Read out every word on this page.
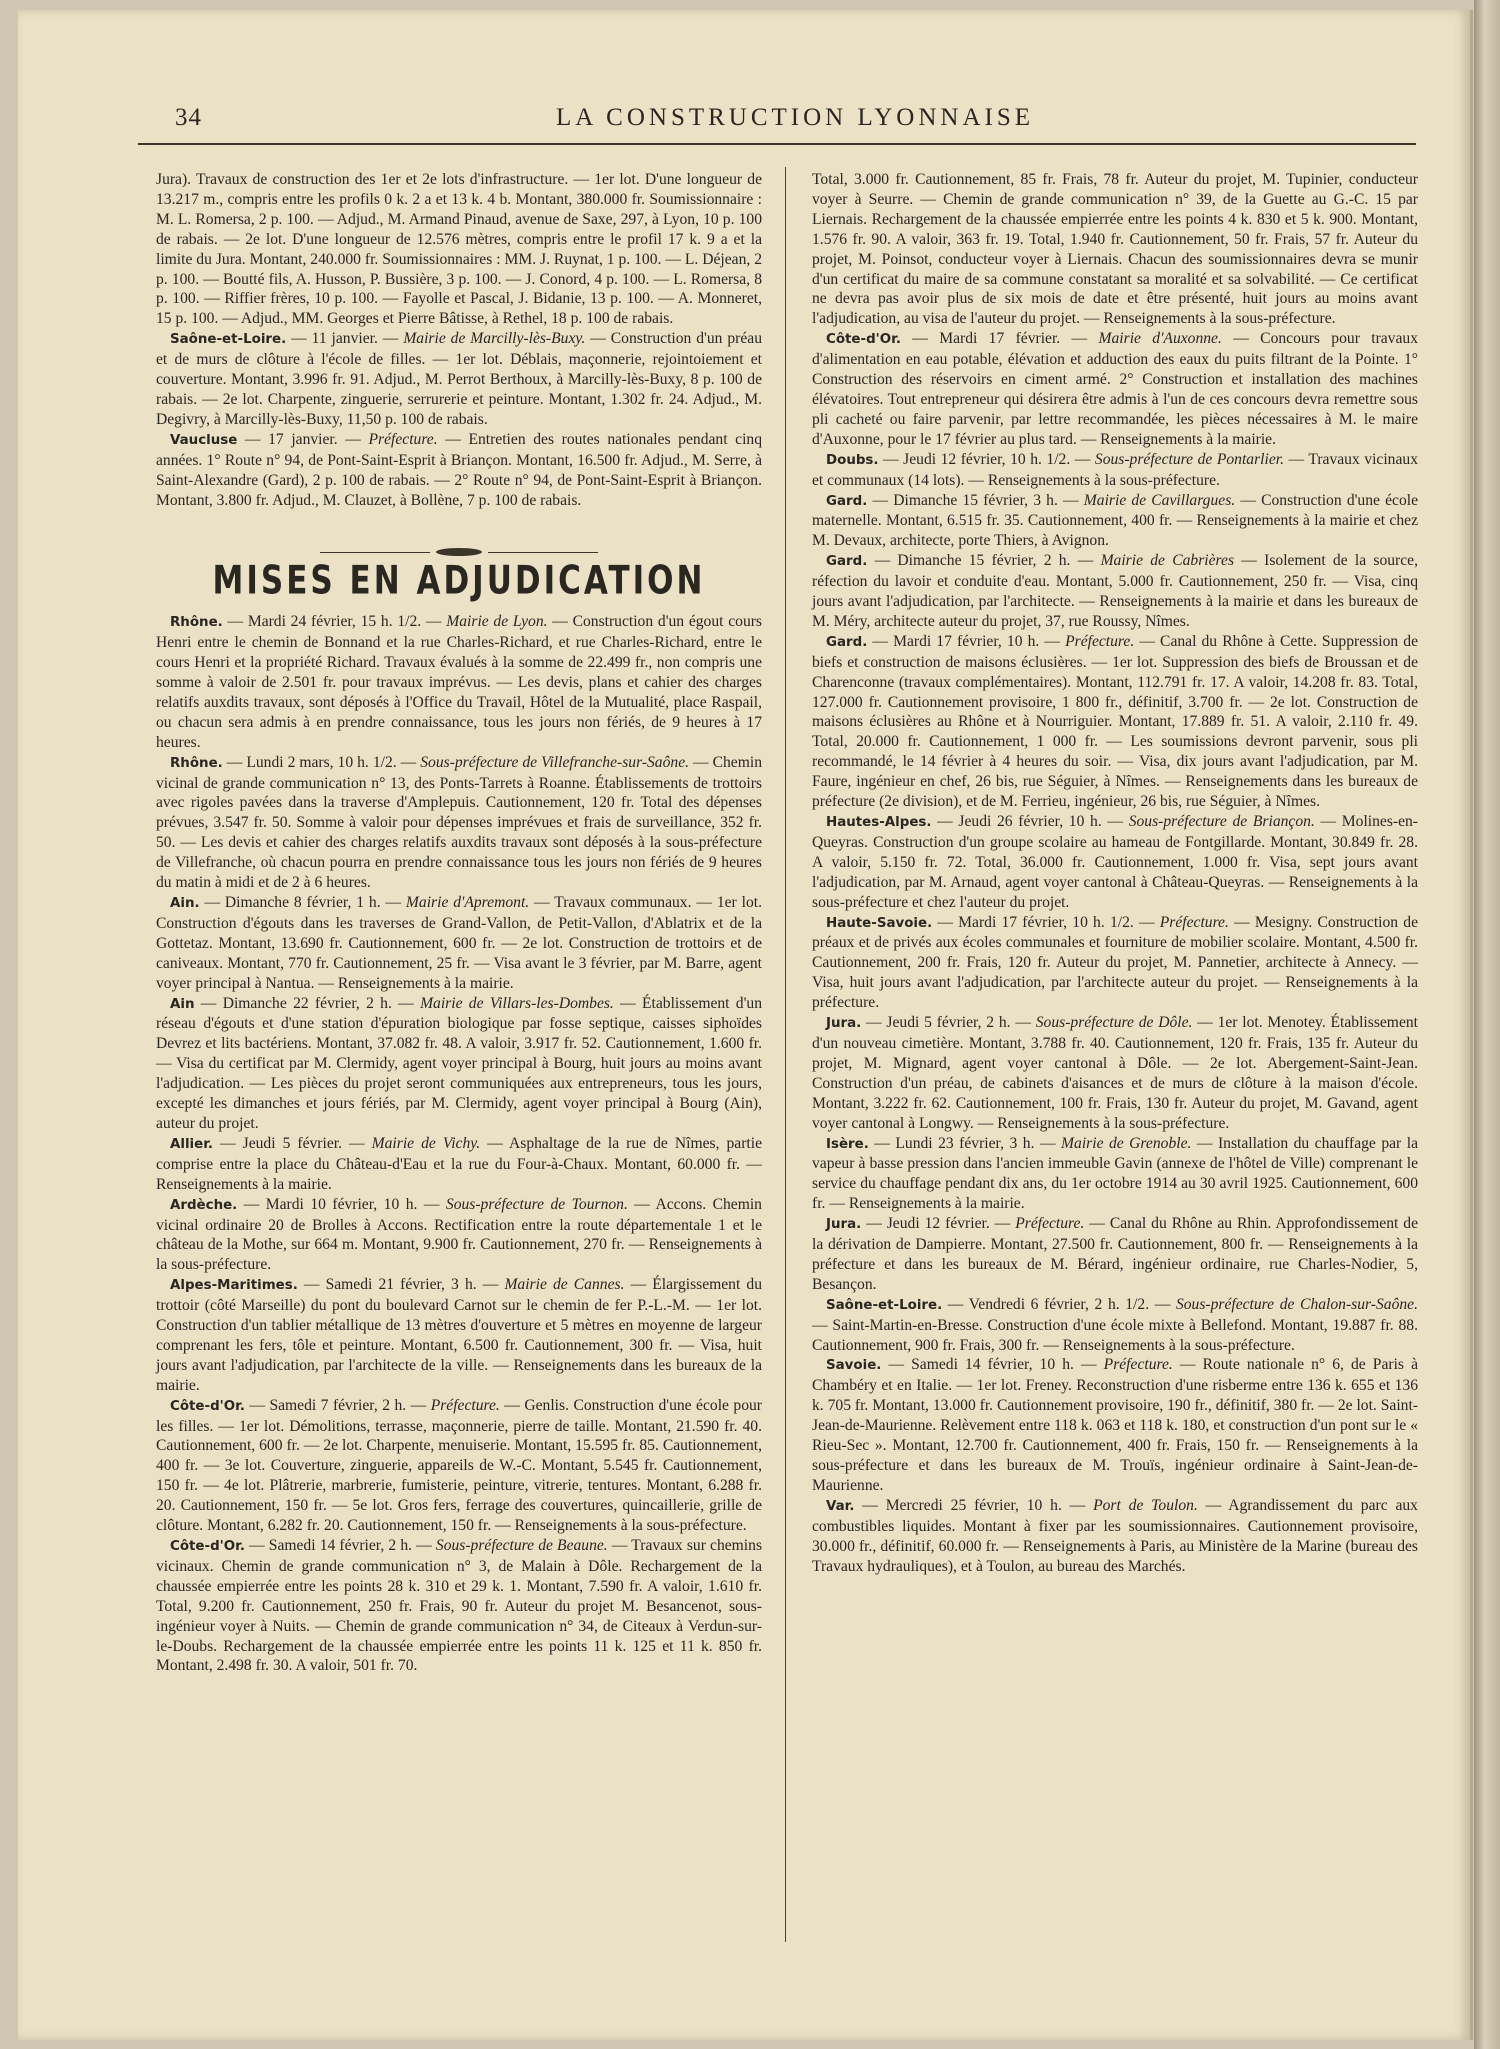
34	LA CONSTRUCTION LYONNAISE

Jura). Travaux de construction des 1er et 2e lots d'infrastructure. — 1er lot. D'une longueur de 13.217 m., compris entre les profils 0 k. 2 a et 13 k. 4 b. Montant, 380.000 fr. Soumissionnaire : M. L. Romersa, 2 p. 100. — Adjud., M. Armand Pinaud, avenue de Saxe, 297, à Lyon, 10 p. 100 de rabais. — 2e lot. D'une longueur de 12.576 mètres, compris entre le profil 17 k. 9 a et la limite du Jura. Montant, 240.000 fr. Soumissionnaires : MM. J. Ruynat, 1 p. 100. — L. Déjean, 2 p. 100. — Boutté fils, A. Husson, P. Bussière, 3 p. 100. — J. Conord, 4 p. 100. — L. Romersa, 8 p. 100. — Riffier frères, 10 p. 100. — Fayolle et Pascal, J. Bidanie, 13 p. 100. — A. Monneret, 15 p. 100. — Adjud., MM. Georges et Pierre Bâtisse, à Rethel, 18 p. 100 de rabais.

Saône-et-Loire. — 11 janvier. — Mairie de Marcilly-lès-Buxy. — Construction d'un préau et de murs de clôture à l'école de filles. — 1er lot. Déblais, maçonnerie, rejointoiement et couverture. Montant, 3.996 fr. 91. Adjud., M. Perrot Berthoux, à Marcilly-lès-Buxy, 8 p. 100 de rabais. — 2e lot. Charpente, zinguerie, serrurerie et peinture. Montant, 1.302 fr. 24. Adjud., M. Degivry, à Marcilly-lès-Buxy, 11,50 p. 100 de rabais.

Vaucluse — 17 janvier. — Préfecture. — Entretien des routes nationales pendant cinq années. 1° Route n° 94, de Pont-Saint-Esprit à Briançon. Montant, 16.500 fr. Adjud., M. Serre, à Saint-Alexandre (Gard), 2 p. 100 de rabais. — 2° Route n° 94, de Pont-Saint-Esprit à Briançon. Montant, 3.800 fr. Adjud., M. Clauzet, à Bollène, 7 p. 100 de rabais.

MISES EN ADJUDICATION

Rhône. — Mardi 24 février, 15 h. 1/2. — Mairie de Lyon. — Construction d'un égout cours Henri entre le chemin de Bonnand et la rue Charles-Richard, et rue Charles-Richard, entre le cours Henri et la propriété Richard. Travaux évalués à la somme de 22.499 fr., non compris une somme à valoir de 2.501 fr. pour travaux imprévus. — Les devis, plans et cahier des charges relatifs auxdits travaux, sont déposés à l'Office du Travail, Hôtel de la Mutualité, place Raspail, ou chacun sera admis à en prendre connaissance, tous les jours non fériés, de 9 heures à 17 heures.

Rhône. — Lundi 2 mars, 10 h. 1/2. — Sous-préfecture de Villefranche-sur-Saône. — Chemin vicinal de grande communication n° 13, des Ponts-Tarrets à Roanne. Établissements de trottoirs avec rigoles pavées dans la traverse d'Amplepuis. Cautionnement, 120 fr. Total des dépenses prévues, 3.547 fr. 50. Somme à valoir pour dépenses imprévues et frais de surveillance, 352 fr. 50. — Les devis et cahier des charges relatifs auxdits travaux sont déposés à la sous-préfecture de Villefranche, où chacun pourra en prendre connaissance tous les jours non fériés de 9 heures du matin à midi et de 2 à 6 heures.

Ain. — Dimanche 8 février, 1 h. — Mairie d'Apremont. — Travaux communaux. — 1er lot. Construction d'égouts dans les traverses de Grand-Vallon, de Petit-Vallon, d'Ablatrix et de la Gottetaz. Montant, 13.690 fr. Cautionnement, 600 fr. — 2e lot. Construction de trottoirs et de caniveaux. Montant, 770 fr. Cautionnement, 25 fr. — Visa avant le 3 février, par M. Barre, agent voyer principal à Nantua. — Renseignements à la mairie.

Ain — Dimanche 22 février, 2 h. — Mairie de Villars-les-Dombes. — Établissement d'un réseau d'égouts et d'une station d'épuration biologique par fosse septique, caisses siphoïdes Devrez et lits bactériens. Montant, 37.082 fr. 48. A valoir, 3.917 fr. 52. Cautionnement, 1.600 fr. — Visa du certificat par M. Clermidy, agent voyer principal à Bourg, huit jours au moins avant l'adjudication. — Les pièces du projet seront communiquées aux entrepreneurs, tous les jours, excepté les dimanches et jours fériés, par M. Clermidy, agent voyer principal à Bourg (Ain), auteur du projet.

Allier. — Jeudi 5 février. — Mairie de Vichy. — Asphaltage de la rue de Nîmes, partie comprise entre la place du Château-d'Eau et la rue du Four-à-Chaux. Montant, 60.000 fr. — Renseignements à la mairie.

Ardèche. — Mardi 10 février, 10 h. — Sous-préfecture de Tournon. — Accons. Chemin vicinal ordinaire 20 de Brolles à Accons. Rectification entre la route départementale 1 et le château de la Mothe, sur 664 m. Montant, 9.900 fr. Cautionnement, 270 fr. — Renseignements à la sous-préfecture.

Alpes-Maritimes. — Samedi 21 février, 3 h. — Mairie de Cannes. — Élargissement du trottoir (côté Marseille) du pont du boulevard Carnot sur le chemin de fer P.-L.-M. — 1er lot. Construction d'un tablier métallique de 13 mètres d'ouverture et 5 mètres en moyenne de largeur comprenant les fers, tôle et peinture. Montant, 6.500 fr. Cautionnement, 300 fr. — Visa, huit jours avant l'adjudication, par l'architecte de la ville. — Renseignements dans les bureaux de la mairie.

Côte-d'Or. — Samedi 7 février, 2 h. — Préfecture. — Genlis. Construction d'une école pour les filles. — 1er lot. Démolitions, terrasse, maçonnerie, pierre de taille. Montant, 21.590 fr. 40. Cautionnement, 600 fr. — 2e lot. Charpente, menuiserie. Montant, 15.595 fr. 85. Cautionnement, 400 fr. — 3e lot. Couverture, zinguerie, appareils de W.-C. Montant, 5.545 fr. Cautionnement, 150 fr. — 4e lot. Plâtrerie, marbrerie, fumisterie, peinture, vitrerie, tentures. Montant, 6.288 fr. 20. Cautionnement, 150 fr. — 5e lot. Gros fers, ferrage des couvertures, quincaillerie, grille de clôture. Montant, 6.282 fr. 20. Cautionnement, 150 fr. — Renseignements à la sous-préfecture.

Côte-d'Or. — Samedi 14 février, 2 h. — Sous-préfecture de Beaune. — Travaux sur chemins vicinaux. Chemin de grande communication n° 3, de Malain à Dôle. Rechargement de la chaussée empierrée entre les points 28 k. 310 et 29 k. 1. Montant, 7.590 fr. A valoir, 1.610 fr. Total, 9.200 fr. Cautionnement, 250 fr. Frais, 90 fr. Auteur du projet M. Besancenot, sous-ingénieur voyer à Nuits. — Chemin de grande communication n° 34, de Citeaux à Verdun-sur-le-Doubs. Rechargement de la chaussée empierrée entre les points 11 k. 125 et 11 k. 850 fr. Montant, 2.498 fr. 30. A valoir, 501 fr. 70.

Total, 3.000 fr. Cautionnement, 85 fr. Frais, 78 fr. Auteur du projet, M. Tupinier, conducteur voyer à Seurre. — Chemin de grande communication n° 39, de la Guette au G.-C. 15 par Liernais. Rechargement de la chaussée empierrée entre les points 4 k. 830 et 5 k. 900. Montant, 1.576 fr. 90. A valoir, 363 fr. 19. Total, 1.940 fr. Cautionnement, 50 fr. Frais, 57 fr. Auteur du projet, M. Poinsot, conducteur voyer à Liernais. Chacun des soumissionnaires devra se munir d'un certificat du maire de sa commune constatant sa moralité et sa solvabilité. — Ce certificat ne devra pas avoir plus de six mois de date et être présenté, huit jours au moins avant l'adjudication, au visa de l'auteur du projet. — Renseignements à la sous-préfecture.

Côte-d'Or. — Mardi 17 février. — Mairie d'Auxonne. — Concours pour travaux d'alimentation en eau potable, élévation et adduction des eaux du puits filtrant de la Pointe. 1° Construction des réservoirs en ciment armé. 2° Construction et installation des machines élévatoires. Tout entrepreneur qui désirera être admis à l'un de ces concours devra remettre sous pli cacheté ou faire parvenir, par lettre recommandée, les pièces nécessaires à M. le maire d'Auxonne, pour le 17 février au plus tard. — Renseignements à la mairie.

Doubs. — Jeudi 12 février, 10 h. 1/2. — Sous-préfecture de Pontarlier. — Travaux vicinaux et communaux (14 lots). — Renseignements à la sous-préfecture.

Gard. — Dimanche 15 février, 3 h. — Mairie de Cavillargues. — Construction d'une école maternelle. Montant, 6.515 fr. 35. Cautionnement, 400 fr. — Renseignements à la mairie et chez M. Devaux, architecte, porte Thiers, à Avignon.

Gard. — Dimanche 15 février, 2 h. — Mairie de Cabrières — Isolement de la source, réfection du lavoir et conduite d'eau. Montant, 5.000 fr. Cautionnement, 250 fr. — Visa, cinq jours avant l'adjudication, par l'architecte. — Renseignements à la mairie et dans les bureaux de M. Méry, architecte auteur du projet, 37, rue Roussy, Nîmes.

Gard. — Mardi 17 février, 10 h. — Préfecture. — Canal du Rhône à Cette. Suppression de biefs et construction de maisons éclusières. — 1er lot. Suppression des biefs de Broussan et de Charenconne (travaux complémentaires). Montant, 112.791 fr. 17. A valoir, 14.208 fr. 83. Total, 127.000 fr. Cautionnement provisoire, 1 800 fr., définitif, 3.700 fr. — 2e lot. Construction de maisons éclusières au Rhône et à Nourriguier. Montant, 17.889 fr. 51. A valoir, 2.110 fr. 49. Total, 20.000 fr. Cautionnement, 1 000 fr. — Les soumissions devront parvenir, sous pli recommandé, le 14 février à 4 heures du soir. — Visa, dix jours avant l'adjudication, par M. Faure, ingénieur en chef, 26 bis, rue Séguier, à Nîmes. — Renseignements dans les bureaux de préfecture (2e division), et de M. Ferrieu, ingénieur, 26 bis, rue Séguier, à Nîmes.

Hautes-Alpes. — Jeudi 26 février, 10 h. — Sous-préfecture de Briançon. — Molines-en-Queyras. Construction d'un groupe scolaire au hameau de Fontgillarde. Montant, 30.849 fr. 28. A valoir, 5.150 fr. 72. Total, 36.000 fr. Cautionnement, 1.000 fr. Visa, sept jours avant l'adjudication, par M. Arnaud, agent voyer cantonal à Château-Queyras. — Renseignements à la sous-préfecture et chez l'auteur du projet.

Haute-Savoie. — Mardi 17 février, 10 h. 1/2. — Préfecture. — Mesigny. Construction de préaux et de privés aux écoles communales et fourniture de mobilier scolaire. Montant, 4.500 fr. Cautionnement, 200 fr. Frais, 120 fr. Auteur du projet, M. Pannetier, architecte à Annecy. — Visa, huit jours avant l'adjudication, par l'architecte auteur du projet. — Renseignements à la préfecture.

Jura. — Jeudi 5 février, 2 h. — Sous-préfecture de Dôle. — 1er lot. Menotey. Établissement d'un nouveau cimetière. Montant, 3.788 fr. 40. Cautionnement, 120 fr. Frais, 135 fr. Auteur du projet, M. Mignard, agent voyer cantonal à Dôle. — 2e lot. Abergement-Saint-Jean. Construction d'un préau, de cabinets d'aisances et de murs de clôture à la maison d'école. Montant, 3.222 fr. 62. Cautionnement, 100 fr. Frais, 130 fr. Auteur du projet, M. Gavand, agent voyer cantonal à Longwy. — Renseignements à la sous-préfecture.

Isère. — Lundi 23 février, 3 h. — Mairie de Grenoble. — Installation du chauffage par la vapeur à basse pression dans l'ancien immeuble Gavin (annexe de l'hôtel de Ville) comprenant le service du chauffage pendant dix ans, du 1er octobre 1914 au 30 avril 1925. Cautionnement, 600 fr. — Renseignements à la mairie.

Jura. — Jeudi 12 février. — Préfecture. — Canal du Rhône au Rhin. Approfondissement de la dérivation de Dampierre. Montant, 27.500 fr. Cautionnement, 800 fr. — Renseignements à la préfecture et dans les bureaux de M. Bérard, ingénieur ordinaire, rue Charles-Nodier, 5, Besançon.

Saône-et-Loire. — Vendredi 6 février, 2 h. 1/2. — Sous-préfecture de Chalon-sur-Saône. — Saint-Martin-en-Bresse. Construction d'une école mixte à Bellefond. Montant, 19.887 fr. 88. Cautionnement, 900 fr. Frais, 300 fr. — Renseignements à la sous-préfecture.

Savoie. — Samedi 14 février, 10 h. — Préfecture. — Route nationale n° 6, de Paris à Chambéry et en Italie. — 1er lot. Freney. Reconstruction d'une risberme entre 136 k. 655 et 136 k. 705 fr. Montant, 13.000 fr. Cautionnement provisoire, 190 fr., définitif, 380 fr. — 2e lot. Saint-Jean-de-Maurienne. Relèvement entre 118 k. 063 et 118 k. 180, et construction d'un pont sur le « Rieu-Sec ». Montant, 12.700 fr. Cautionnement, 400 fr. Frais, 150 fr. — Renseignements à la sous-préfecture et dans les bureaux de M. Trouïs, ingénieur ordinaire à Saint-Jean-de-Maurienne.

Var. — Mercredi 25 février, 10 h. — Port de Toulon. — Agrandissement du parc aux combustibles liquides. Montant à fixer par les soumissionnaires. Cautionnement provisoire, 30.000 fr., définitif, 60.000 fr. — Renseignements à Paris, au Ministère de la Marine (bureau des Travaux hydrauliques), et à Toulon, au bureau des Marchés.
